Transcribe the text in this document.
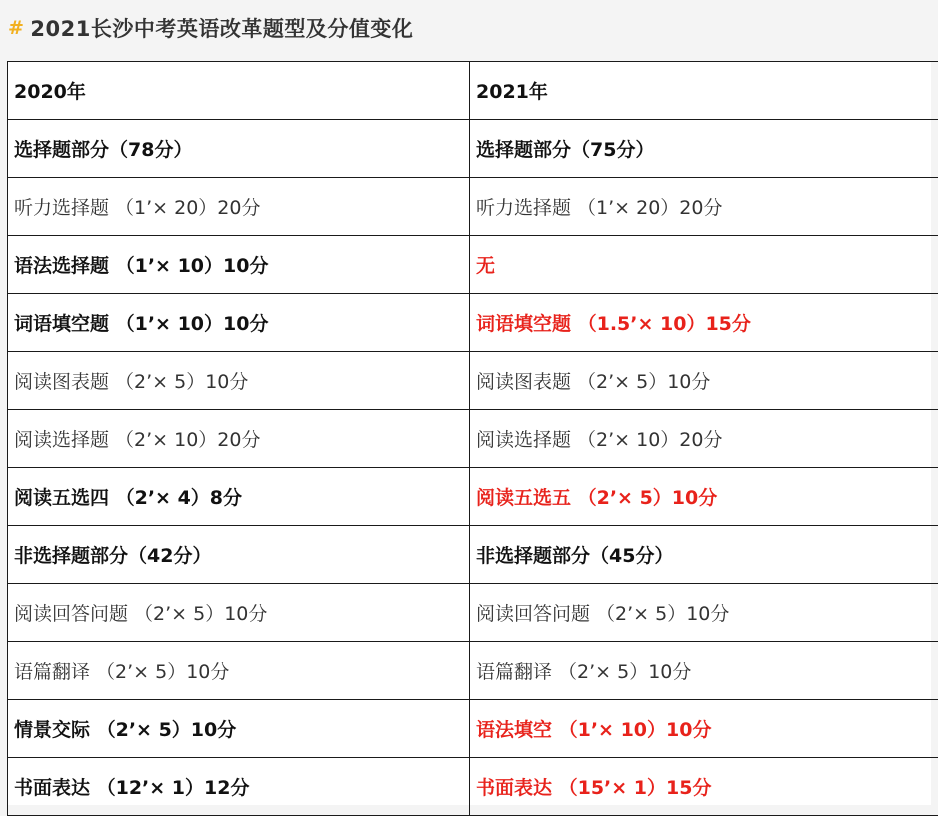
# 2021长沙中考英语改革题型及分值变化
2020年	2021年
选择题部分（78分）	选择题部分（75分）
听力选择题 （1’× 20）20分	听力选择题 （1’× 20）20分
语法选择题 （1’× 10）10分	无
词语填空题 （1’× 10）10分	词语填空题 （1.5’× 10）15分
阅读图表题 （2’× 5）10分	阅读图表题 （2’× 5）10分
阅读选择题 （2’× 10）20分	阅读选择题 （2’× 10）20分
阅读五选四 （2’× 4）8分	阅读五选五 （2’× 5）10分
非选择题部分（42分）	非选择题部分（45分）
阅读回答问题 （2’× 5）10分	阅读回答问题 （2’× 5）10分
语篇翻译 （2’× 5）10分	语篇翻译 （2’× 5）10分
情景交际 （2’× 5）10分	语法填空 （1’× 10）10分
书面表达 （12’× 1）12分	书面表达 （15’× 1）15分
